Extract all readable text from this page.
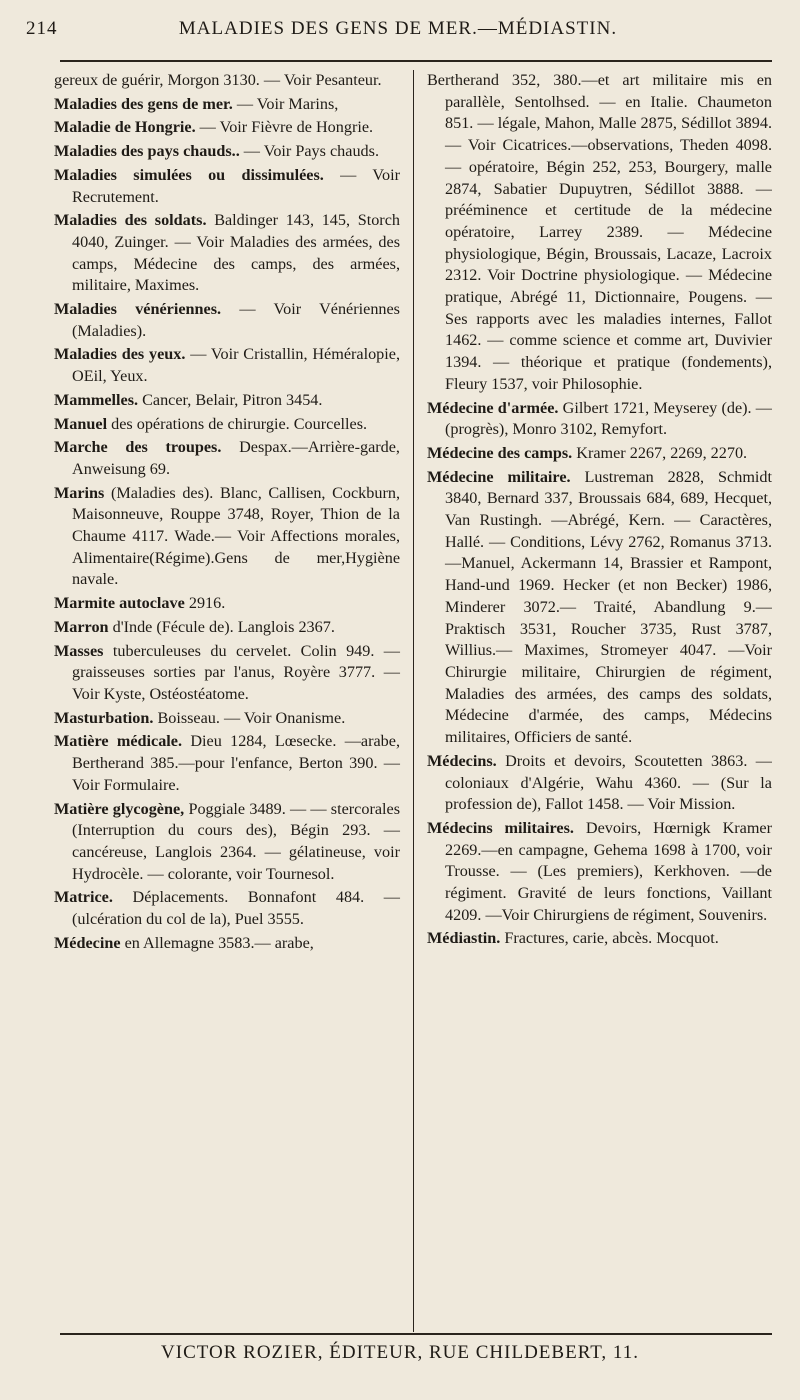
214	MALADIES DES GENS DE MER.—MÉDIASTIN.

gereux de guérir, Morgon 3130. — Voir Pesanteur.

Maladies des gens de mer. — Voir Marins,

Maladie de Hongrie. — Voir Fièvre de Hongrie.

Maladies des pays chauds.. — Voir Pays chauds.

Maladies simulées ou dissimulées. — Voir Recrutement.

Maladies des soldats. Baldinger 143, 145, Storch 4040, Zuinger. — Voir Maladies des armées, des camps, Médecine des camps, des armées, militaire, Maximes.

Maladies vénériennes. — Voir Vénériennes (Maladies).

Maladies des yeux. — Voir Cristallin, Héméralopie, OEil, Yeux.

Mammelles. Cancer, Belair, Pitron 3454.

Manuel des opérations de chirurgie. Courcelles.

Marche des troupes. Despax.—Arrière-garde, Anweisung 69.

Marins (Maladies des). Blanc, Callisen, Cockburn, Maisonneuve, Rouppe 3748, Royer, Thion de la Chaume 4117. Wade.— Voir Affections morales, Alimentaire(Régime).Gens de mer,Hygiène navale.

Marmite autoclave 2916.

Marron d'Inde (Fécule de). Langlois 2367.

Masses tuberculeuses du cervelet. Colin 949. — graisseuses sorties par l'anus, Royère 3777. — Voir Kyste, Ostéostéatome.

Masturbation. Boisseau. — Voir Onanisme.

Matière médicale. Dieu 1284, Lœsecke. —arabe, Bertherand 385.—pour l'enfance, Berton 390. — Voir Formulaire.

Matière glycogène, Poggiale 3489. — — stercorales (Interruption du cours des), Bégin 293. — cancéreuse, Langlois 2364. — gélatineuse, voir Hydrocèle. — colorante, voir Tournesol.

Matrice. Déplacements. Bonnafont 484. —(ulcération du col de la), Puel 3555.

Médecine en Allemagne 3583.— arabe,

Bertherand 352, 380.—et art militaire mis en parallèle, Sentolhsed. — en Italie. Chaumeton 851. — légale, Mahon, Malle 2875, Sédillot 3894. — Voir Cicatrices.—observations, Theden 4098. — opératoire, Bégin 252, 253, Bourgery, malle 2874, Sabatier Dupuytren, Sédillot 3888. — prééminence et certitude de la médecine opératoire, Larrey 2389. — Médecine physiologique, Bégin, Broussais, Lacaze, Lacroix 2312. Voir Doctrine physiologique. — Médecine pratique, Abrégé 11, Dictionnaire, Pougens. — Ses rapports avec les maladies internes, Fallot 1462. — comme science et comme art, Duvivier 1394. — théorique et pratique (fondements), Fleury 1537, voir Philosophie.

Médecine d'armée. Gilbert 1721, Meyserey (de). — (progrès), Monro 3102, Remyfort.

Médecine des camps. Kramer 2267, 2269, 2270.

Médecine militaire. Lustreman 2828, Schmidt 3840, Bernard 337, Broussais 684, 689, Hecquet, Van Rustingh. —Abrégé, Kern. — Caractères, Hallé. — Conditions, Lévy 2762, Romanus 3713.—Manuel, Ackermann 14, Brassier et Rampont, Hand-und 1969. Hecker (et non Becker) 1986, Minderer 3072.— Traité, Abandlung 9.— Praktisch 3531, Roucher 3735, Rust 3787, Willius.— Maximes, Stromeyer 4047. —Voir Chirurgie militaire, Chirurgien de régiment, Maladies des armées, des camps des soldats, Médecine d'armée, des camps, Médecins militaires, Officiers de santé.

Médecins. Droits et devoirs, Scoutetten 3863. — coloniaux d'Algérie, Wahu 4360. — (Sur la profession de), Fallot 1458. — Voir Mission.

Médecins militaires. Devoirs, Hœrnigk Kramer 2269.—en campagne, Gehema 1698 à 1700, voir Trousse. — (Les premiers), Kerkhoven. —de régiment. Gravité de leurs fonctions, Vaillant 4209. —Voir Chirurgiens de régiment, Souvenirs.

Médiastin. Fractures, carie, abcès. Mocquot.

VICTOR ROZIER, ÉDITEUR, RUE CHILDEBERT, 11.
